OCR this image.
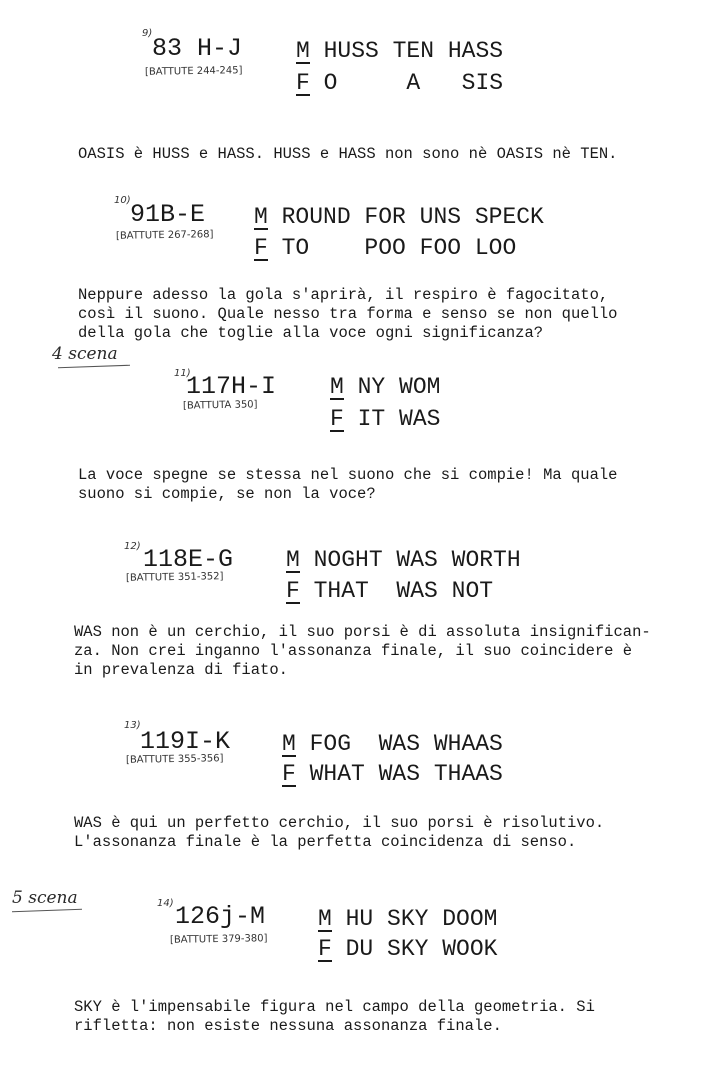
9)
83 H-J
[BATTUTE 244-245]
M HUSS TEN HASS
F O     A   SIS

OASIS è HUSS e HASS. HUSS e HASS non sono nè OASIS nè TEN.

10) 91B-E
[BATTUTE 267-268]
M ROUND FOR UNS SPECK
F TO    POO FOO LOO

Neppure adesso la gola s'aprirà, il respiro è fagocitato,
così il suono. Quale nesso tra forma e senso se non quello
della gola che toglie alla voce ogni significanza?

4 scena
11)
117H-I
[BATTUTA 350]
M NY WOM
F IT WAS

La voce spegne se stessa nel suono che si compie! Ma quale
suono si compie, se non la voce?

12) 118E-G
[BATTUTE 351-352]
M NOGHT WAS WORTH
F THAT  WAS NOT

WAS non è un cerchio, il suo porsi è di assoluta insignifican-
za. Non crei inganno l'assonanza finale, il suo coincidere è
in prevalenza di fiato.

13)
119I-K
[BATTUTE 355-356]
M FOG  WAS WHAAS
F WHAT WAS THAAS

WAS è qui un perfetto cerchio, il suo porsi è risolutivo.
L'assonanza finale è la perfetta coincidenza di senso.

5 scena	14) 126j-M
[BATTUTE 379-380]
M HU SKY DOOM
F DU SKY WOOK

SKY è l'impensabile figura nel campo della geometria. Si
rifletta: non esiste nessuna assonanza finale.
